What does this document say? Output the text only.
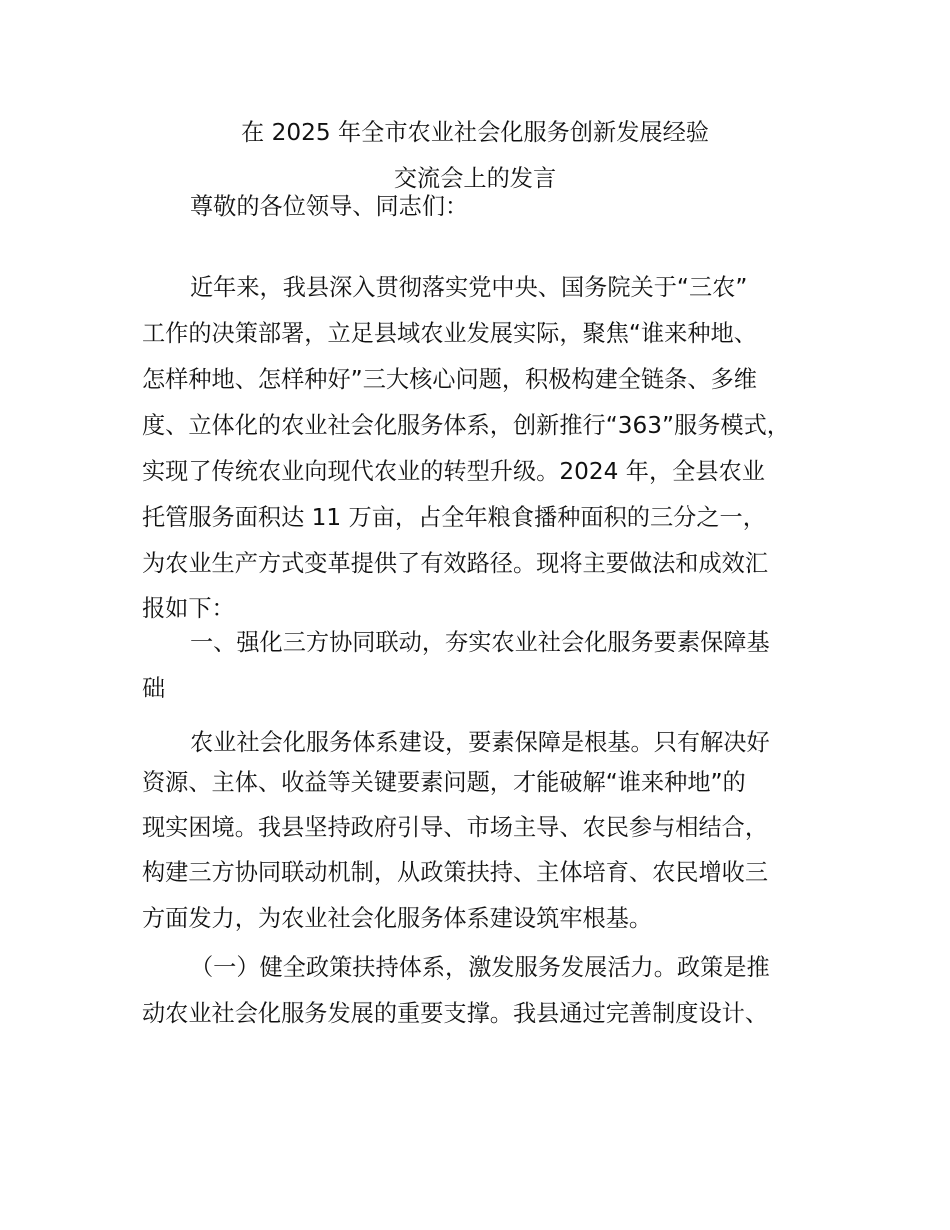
在 2025 年全市农业社会化服务创新发展经验
交流会上的发言
尊敬的各位领导、同志们：
近年来，我县深入贯彻落实党中央、国务院关于“三农”
工作的决策部署，立足县域农业发展实际，聚焦“谁来种地、
怎样种地、怎样种好”三大核心问题，积极构建全链条、多维
度、立体化的农业社会化服务体系，创新推行“363”服务模式，
实现了传统农业向现代农业的转型升级。2024 年，全县农业
托管服务面积达 11 万亩，占全年粮食播种面积的三分之一，
为农业生产方式变革提供了有效路径。现将主要做法和成效汇
报如下：
一、强化三方协同联动，夯实农业社会化服务要素保障基
础
农业社会化服务体系建设，要素保障是根基。只有解决好
资源、主体、收益等关键要素问题，才能破解“谁来种地”的
现实困境。我县坚持政府引导、市场主导、农民参与相结合，
构建三方协同联动机制，从政策扶持、主体培育、农民增收三
方面发力，为农业社会化服务体系建设筑牢根基。
（一）健全政策扶持体系，激发服务发展活力。政策是推
动农业社会化服务发展的重要支撑。我县通过完善制度设计、
